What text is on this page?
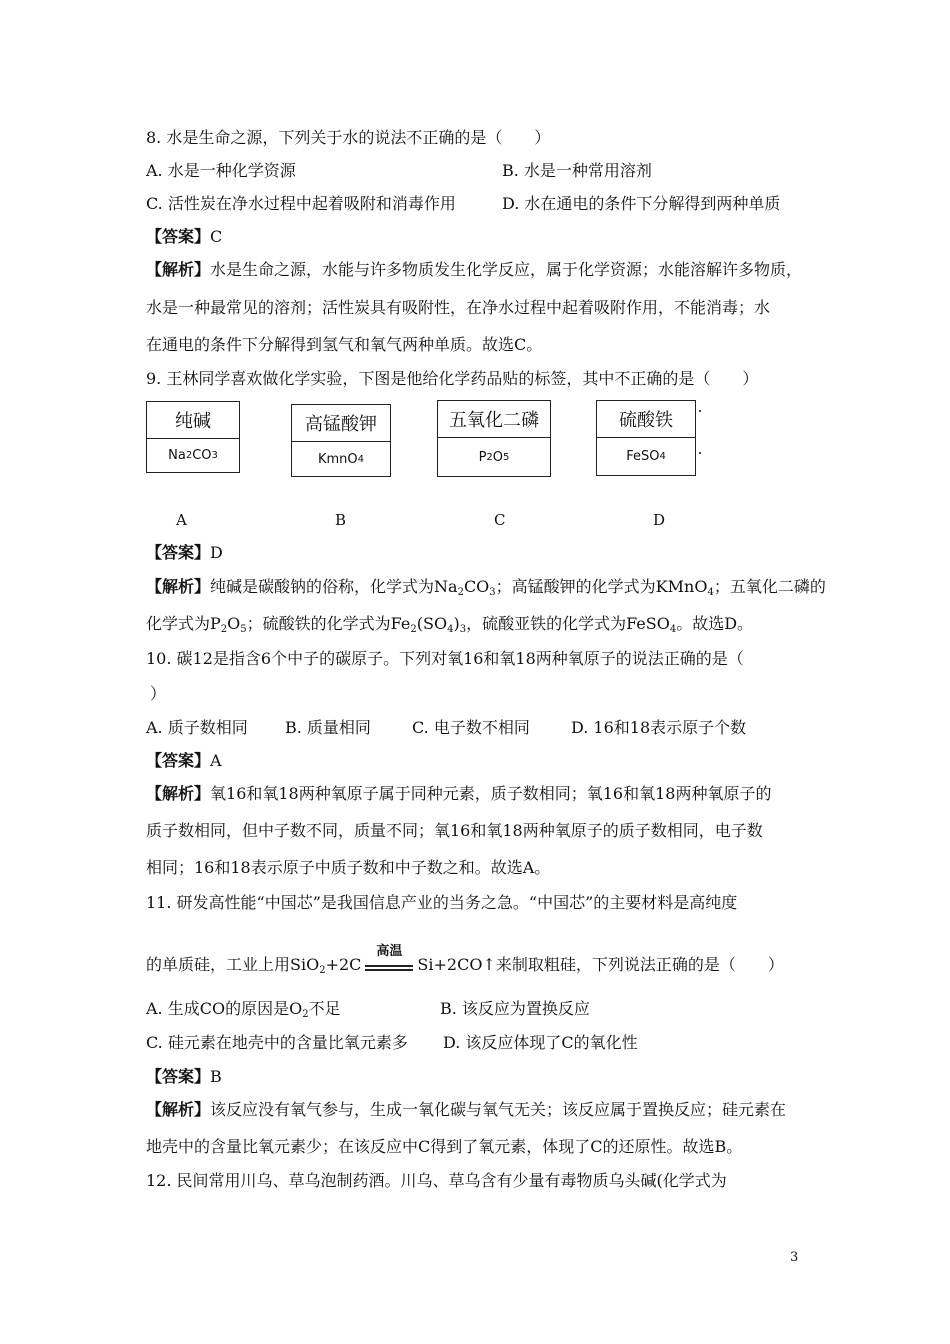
8. 水是生命之源，下列关于水的说法不正确的是（　　）
A. 水是一种化学资源	B. 水是一种常用溶剂
C. 活性炭在净水过程中起着吸附和消毒作用	D. 水在通电的条件下分解得到两种单质
【答案】C
【解析】水是生命之源，水能与许多物质发生化学反应，属于化学资源；水能溶解许多物质，
水是一种最常见的溶剂；活性炭具有吸附性，在净水过程中起着吸附作用，不能消毒；水
在通电的条件下分解得到氢气和氧气两种单质。故选C。
9. 王林同学喜欢做化学实验，下图是他给化学药品贴的标签，其中不正确的是（　　）
纯碱
Na 2 CO 3
高锰酸钾
Kmn O 4
五氧化二磷
P 2 O 5
硫酸铁
FeSO 4
A	B	C	D
【答案】D
【解析】纯碱是碳酸钠的俗称，化学式为$Na_2CO_3$；高锰酸钾的化学式为KMnO$_4$；五氧化二磷的
化学式为$P_2O_5$；硫酸铁的化学式为$Fe_2(SO_4)_3$，硫酸亚铁的化学式为FeSO$_4$。故选D。
10. 碳12是指含6个中子的碳原子。下列对氧16和氧18两种氧原子的说法正确的是（
）
A. 质子数相同 B. 质量相同	C. 电子数不相同	D. 16和18表示原子个数
【答案】A
【解析】氧16和氧18两种氧原子属于同种元素，质子数相同；氧16和氧18两种氧原子的
质子数相同，但中子数不同，质量不同；氧16和氧18两种氧原子的质子数相同，电子数
相同；16和18表示原子中质子数和中子数之和。故选A。
11. 研发高性能“中国芯”是我国信息产业的当务之急。“中国芯”的主要材料是高纯度
的单质硅，工业上用SiO$_2$+2C
高温
Si+2CO↑来制取粗硅，下列说法正确的是（　　）
A. 生成CO的原因是$O_2$不足	B. 该反应为置换反应
C. 硅元素在地壳中的含量比氧元素多 D. 该反应体现了C的氧化性
【答案】B
【解析】该反应没有氧气参与，生成一氧化碳与氧气无关；该反应属于置换反应；硅元素在
地壳中的含量比氧元素少；在该反应中C得到了氧元素，体现了C的还原性。故选B。
12. 民间常用川乌、草乌泡制药酒。川乌、草乌含有少量有毒物质乌头碱(化学式为
3
